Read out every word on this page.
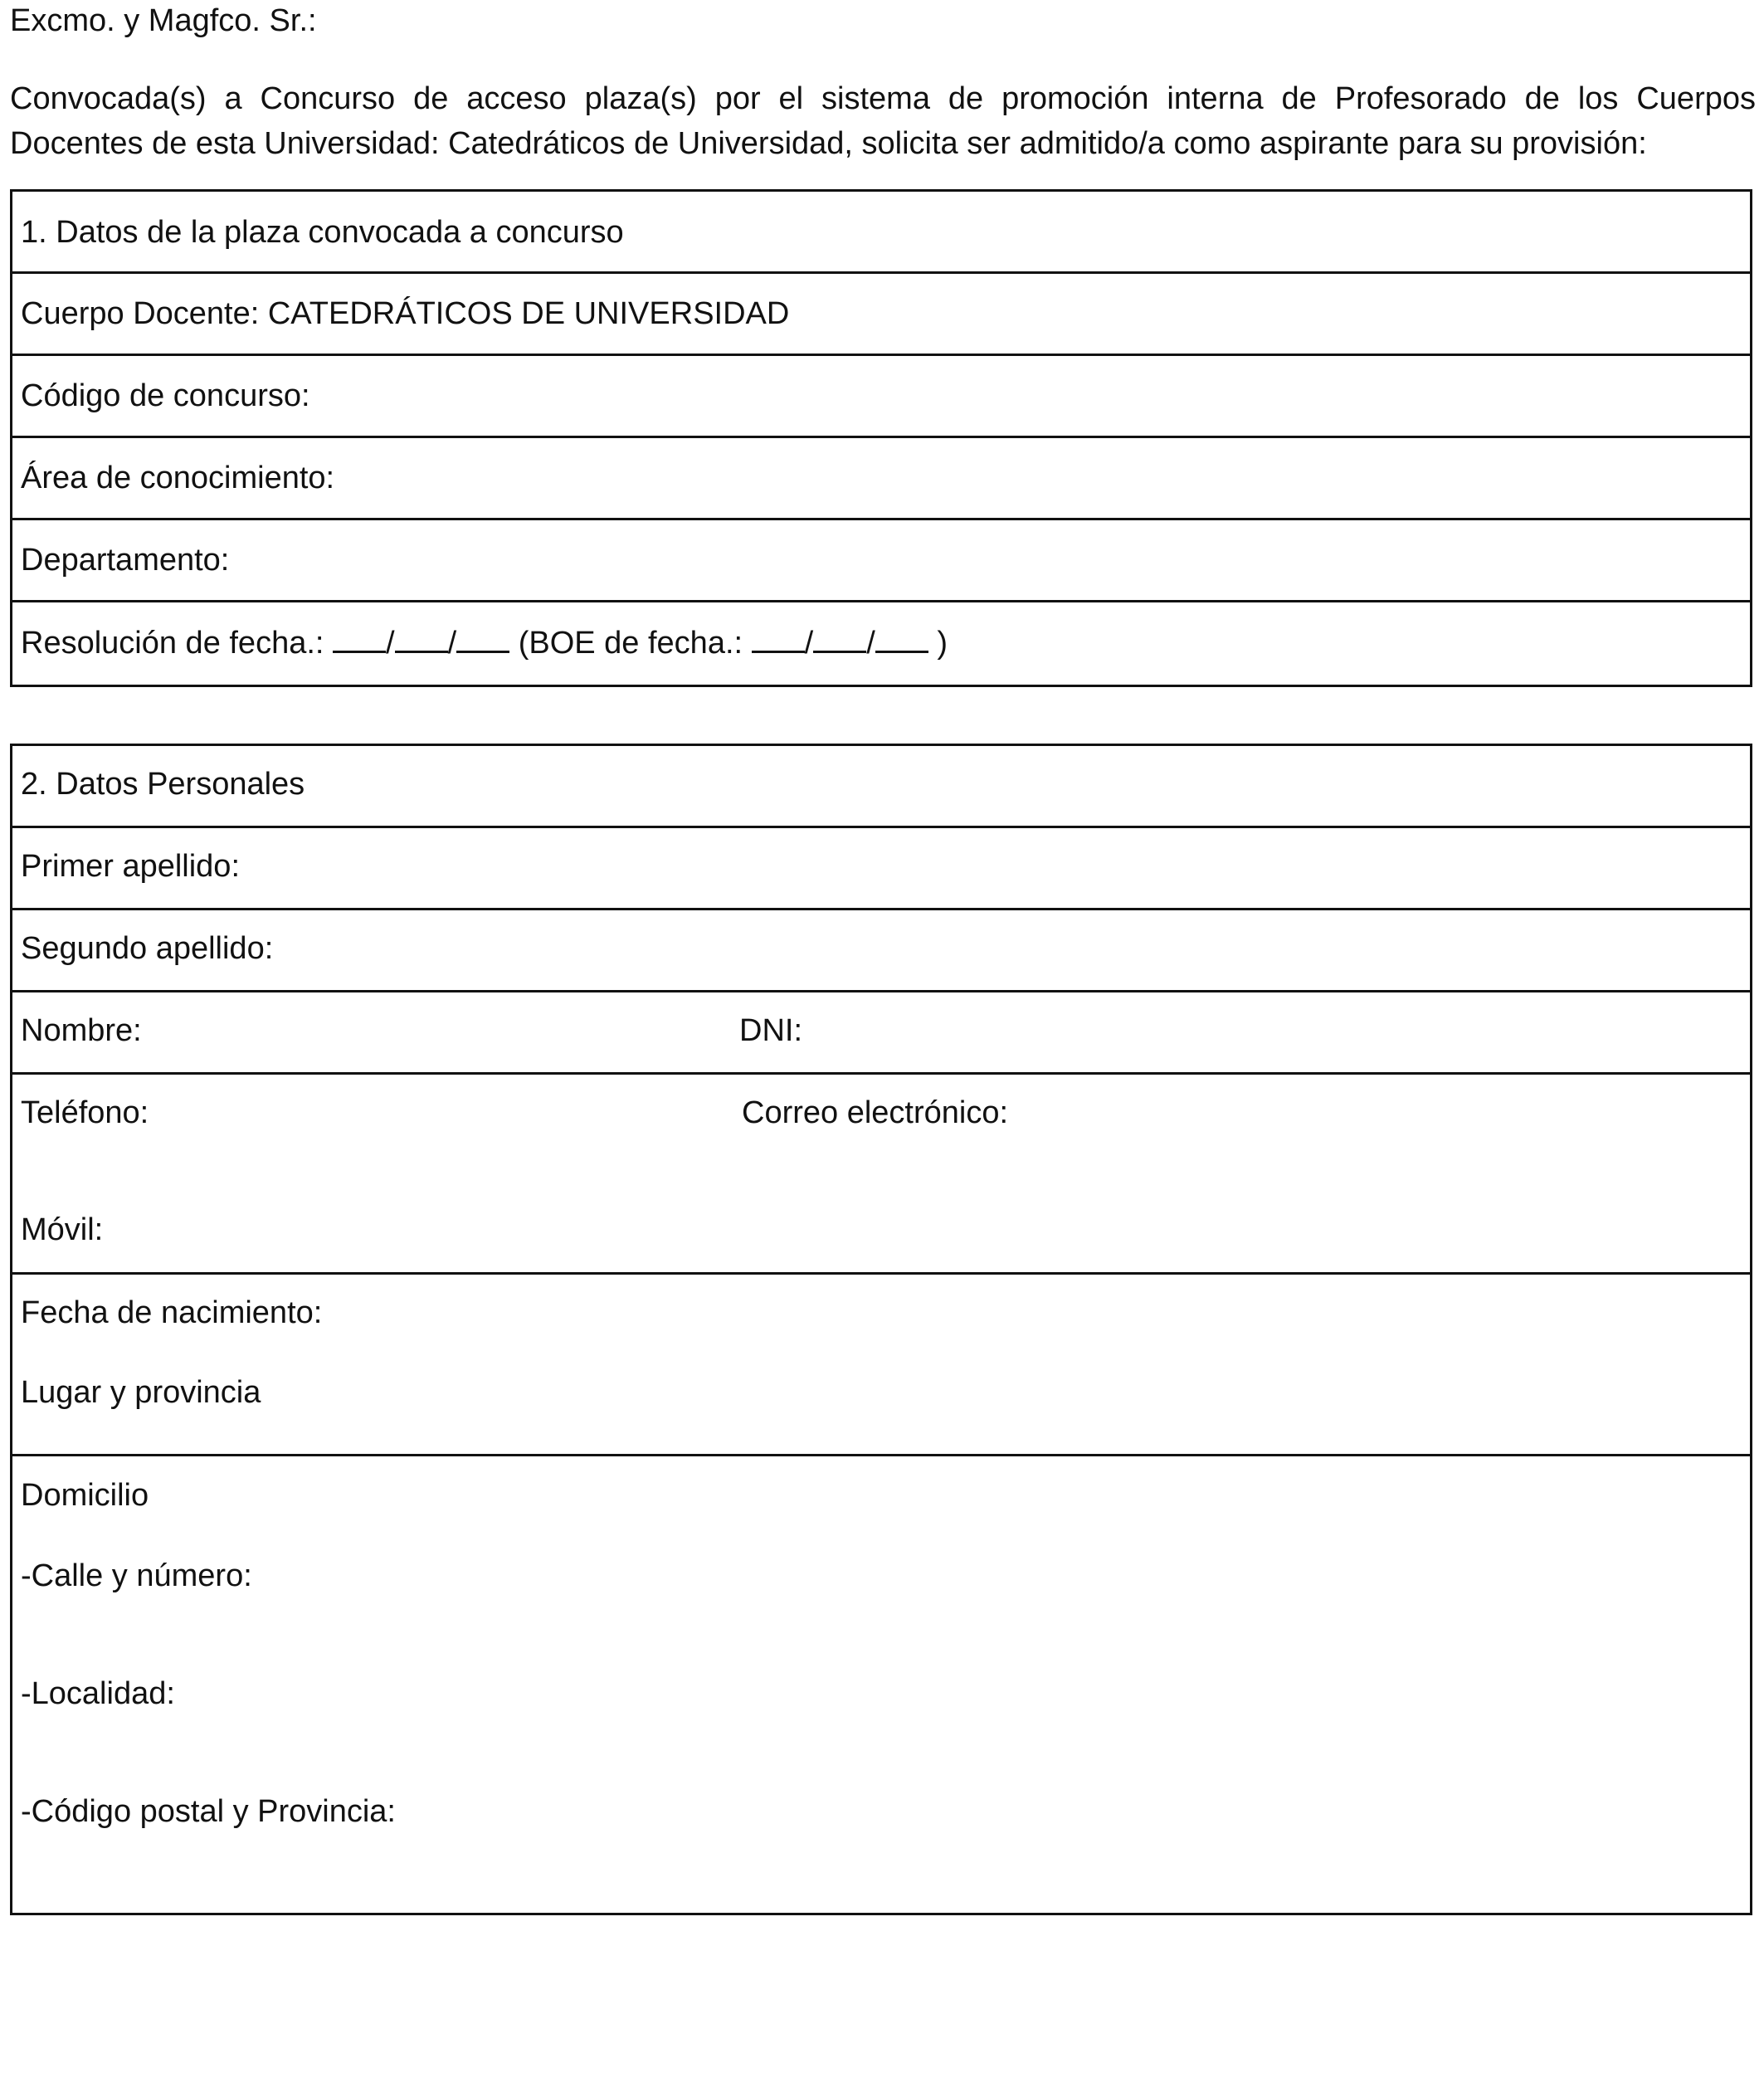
Excmo. y Magfco. Sr.:
Convocada(s) a Concurso de acceso plaza(s) por el sistema de promoción interna de Profesorado de los Cuerpos
Docentes de esta Universidad: Catedráticos de Universidad, solicita ser admitido/a como aspirante para su provisión:
1. Datos de la plaza convocada a concurso
Cuerpo Docente: CATEDRÁTICOS DE UNIVERSIDAD
Código de concurso:
Área de conocimiento:
Departamento:
Resolución de fecha.: / / (BOE de fecha.: / / )
2. Datos Personales
Primer apellido:
Segundo apellido:
Nombre:	DNI:
Teléfono:	Correo electrónico:
Móvil:
Fecha de nacimiento:
Lugar y provincia
Domicilio
-Calle y número:
-Localidad:
-Código postal y Provincia:
